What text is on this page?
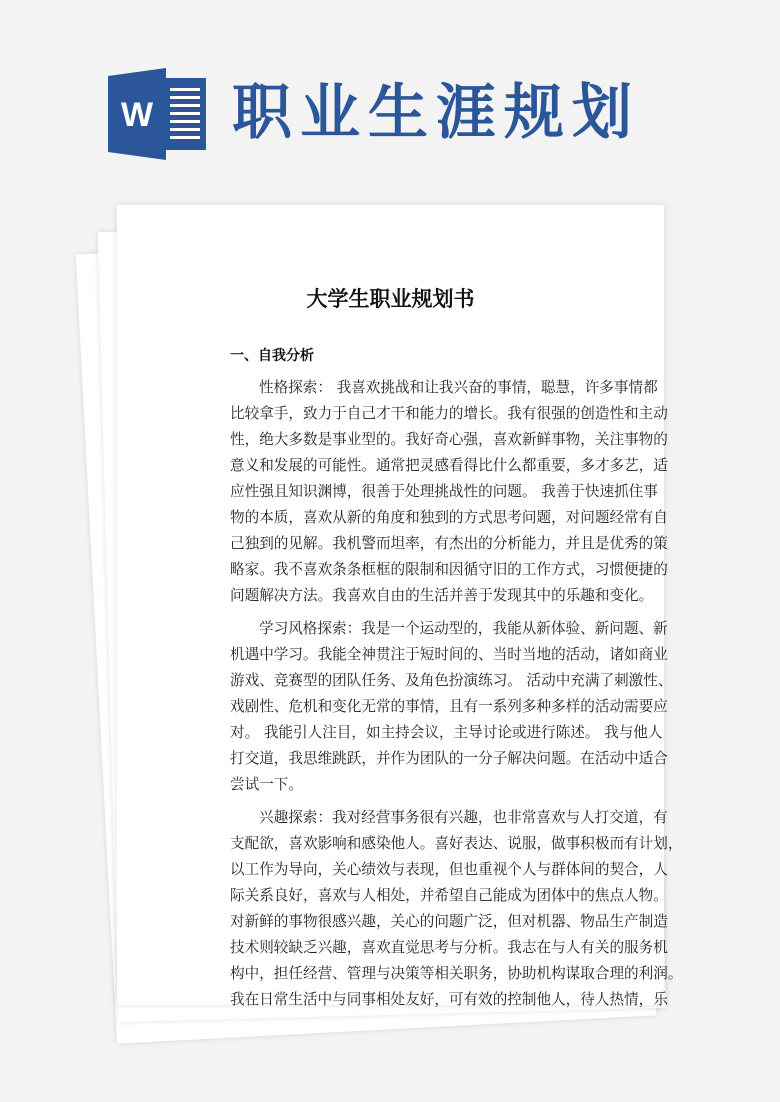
W 职业生涯规划
大学生职业规划书
一、自我分析
性格探索： 我喜欢挑战和让我兴奋的事情，聪慧，许多事情都
比较拿手，致力于自己才干和能力的增长。我有很强的创造性和主动
性，绝大多数是事业型的。我好奇心强，喜欢新鲜事物，关注事物的
意义和发展的可能性。通常把灵感看得比什么都重要，多才多艺，适
应性强且知识渊博，很善于处理挑战性的问题。 我善于快速抓住事
物的本质，喜欢从新的角度和独到的方式思考问题，对问题经常有自
己独到的见解。我机警而坦率，有杰出的分析能力，并且是优秀的策
略家。我不喜欢条条框框的限制和因循守旧的工作方式，习惯便捷的
问题解决方法。我喜欢自由的生活并善于发现其中的乐趣和变化。
学习风格探索：我是一个运动型的，我能从新体验、新问题、新
机遇中学习。我能全神贯注于短时间的、当时当地的活动，诸如商业
游戏、竞赛型的团队任务、及角色扮演练习。 活动中充满了刺激性、
戏剧性、危机和变化无常的事情，且有一系列多种多样的活动需要应
对。 我能引人注目，如主持会议，主导讨论或进行陈述。 我与他人
打交道，我思维跳跃，并作为团队的一分子解决问题。在活动中适合
尝试一下。
兴趣探索：我对经营事务很有兴趣，也非常喜欢与人打交道，有
支配欲，喜欢影响和感染他人。喜好表达、说服，做事积极而有计划，
以工作为导向，关心绩效与表现，但也重视个人与群体间的契合，人
际关系良好，喜欢与人相处，并希望自己能成为团体中的焦点人物。
对新鲜的事物很感兴趣，关心的问题广泛，但对机器、物品生产制造
技术则较缺乏兴趣，喜欢直觉思考与分析。我志在与人有关的服务机
构中，担任经营、管理与决策等相关职务，协助机构谋取合理的利润。
我在日常生活中与同事相处友好，可有效的控制他人，待人热情，乐
